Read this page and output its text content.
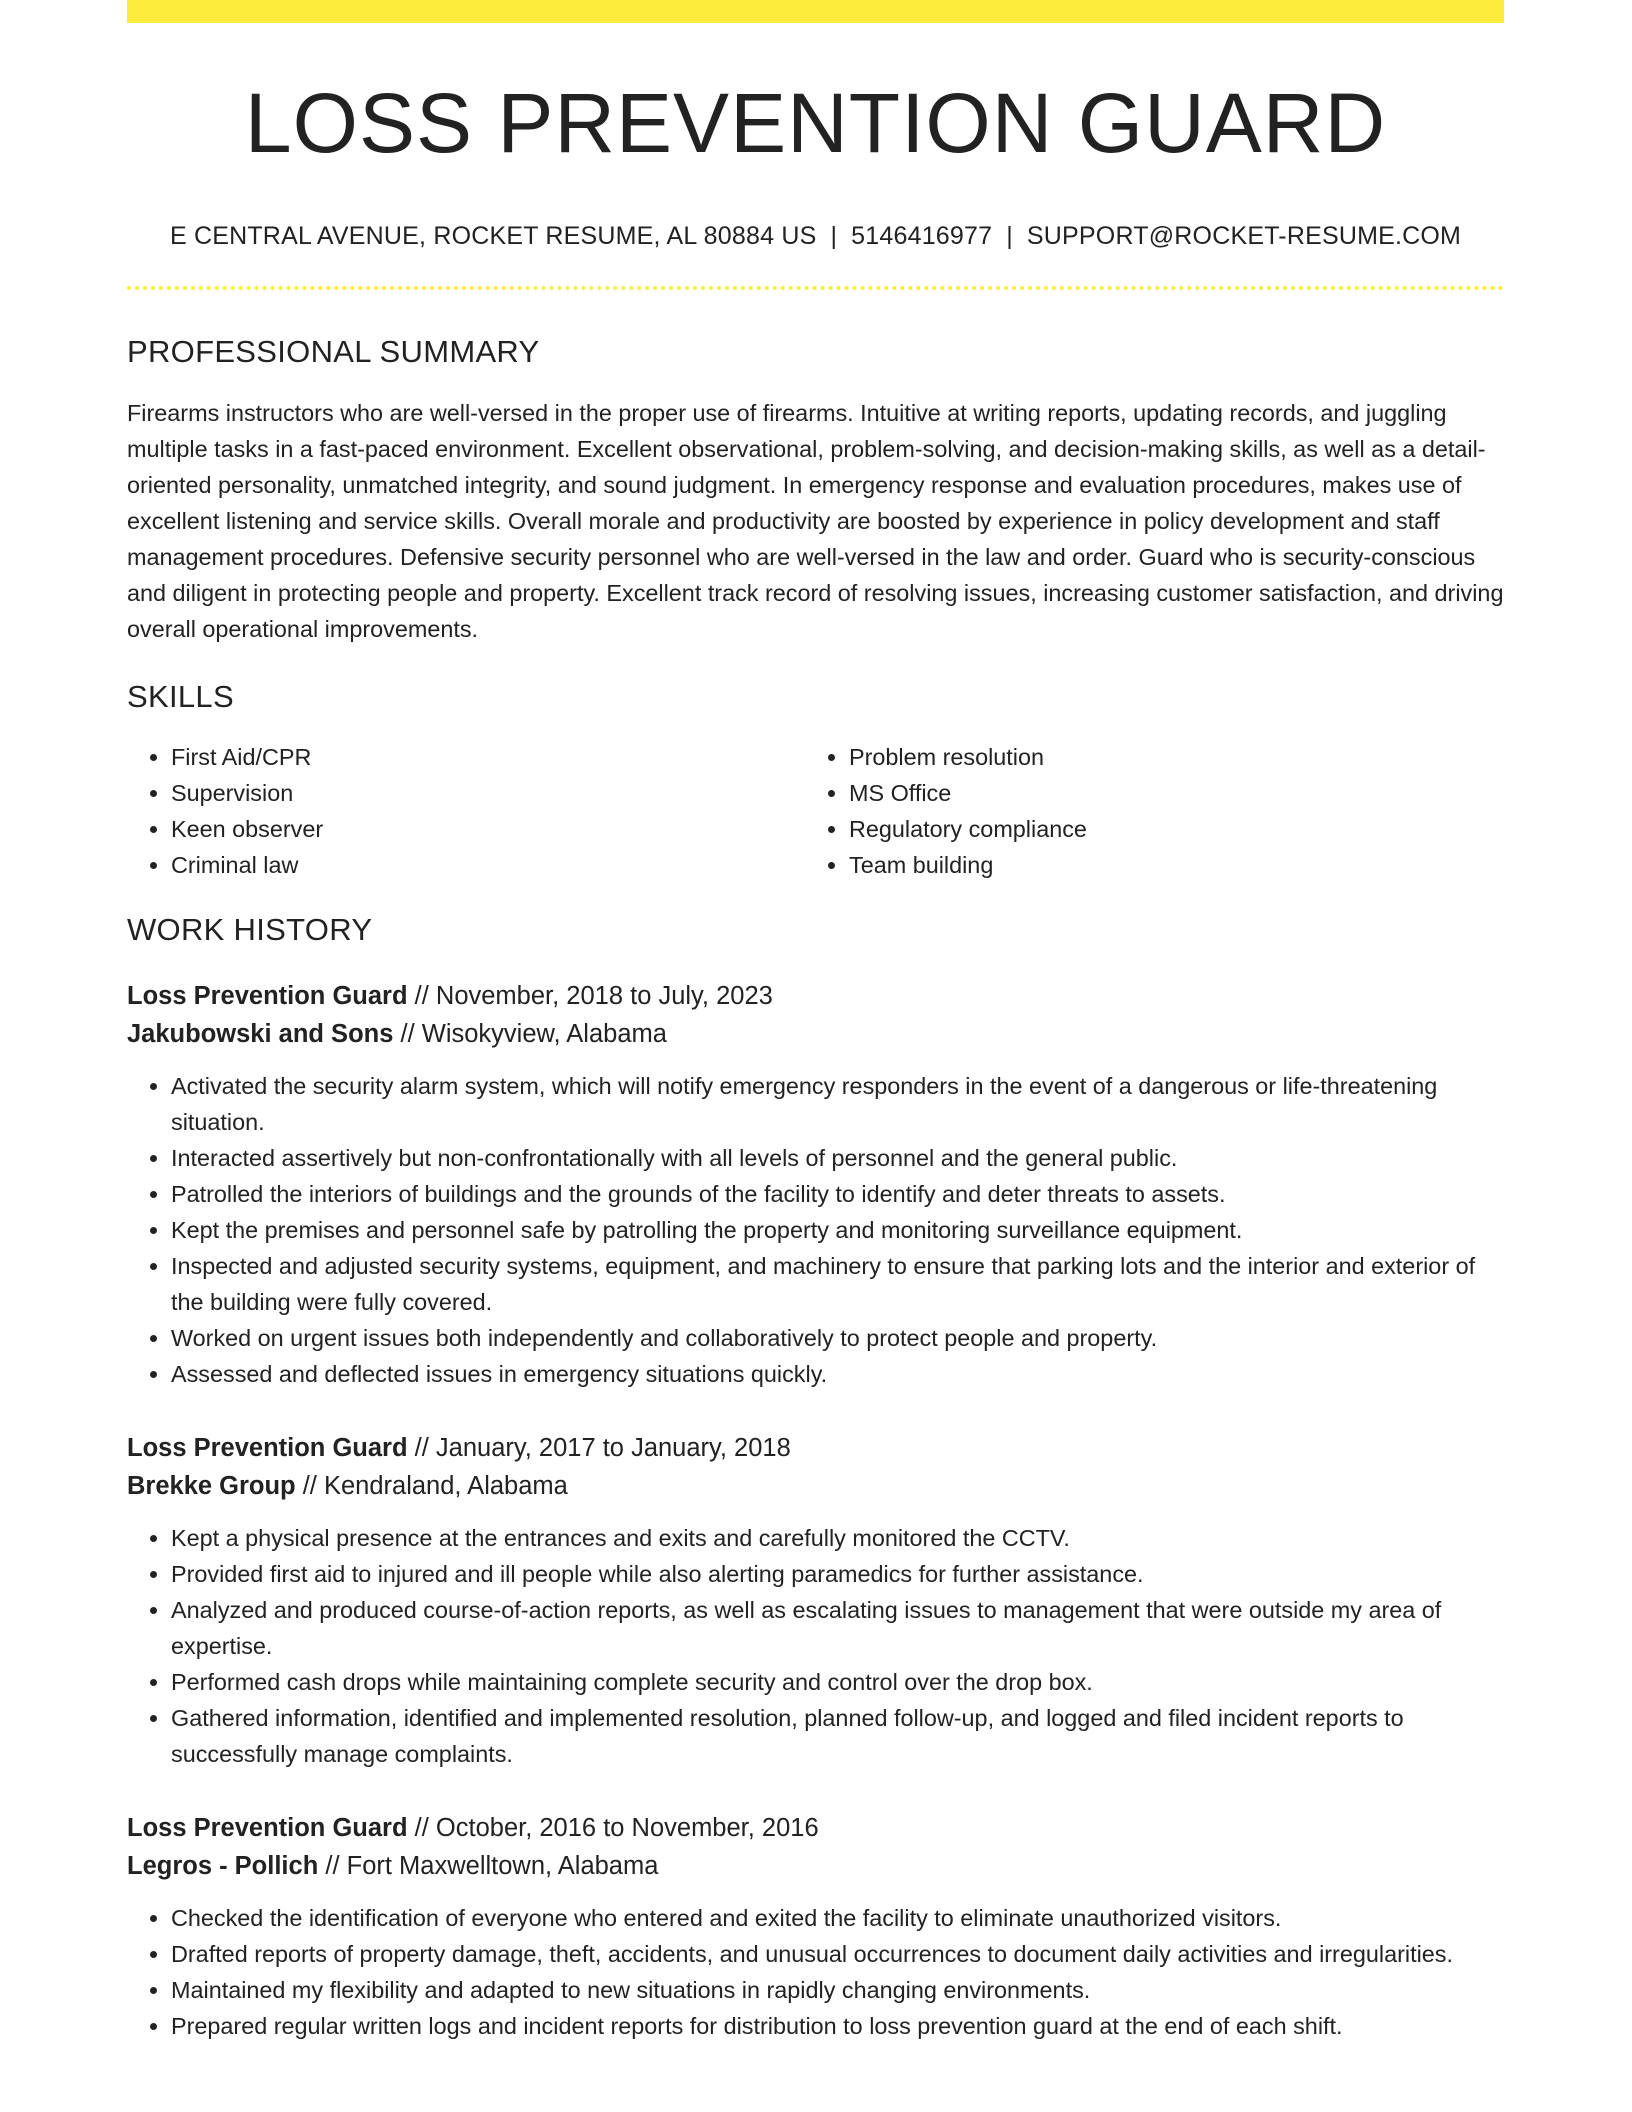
LOSS PREVENTION GUARD
E CENTRAL AVENUE, ROCKET RESUME, AL 80884 US | 5146416977 | SUPPORT@ROCKET-RESUME.COM
PROFESSIONAL SUMMARY
Firearms instructors who are well-versed in the proper use of firearms. Intuitive at writing reports, updating records, and juggling multiple tasks in a fast-paced environment. Excellent observational, problem-solving, and decision-making skills, as well as a detail-oriented personality, unmatched integrity, and sound judgment. In emergency response and evaluation procedures, makes use of excellent listening and service skills. Overall morale and productivity are boosted by experience in policy development and staff management procedures. Defensive security personnel who are well-versed in the law and order. Guard who is security-conscious and diligent in protecting people and property. Excellent track record of resolving issues, increasing customer satisfaction, and driving overall operational improvements.
SKILLS
• First Aid/CPR
• Supervision
• Keen observer
• Criminal law
• Problem resolution
• MS Office
• Regulatory compliance
• Team building
WORK HISTORY
Loss Prevention Guard // November, 2018 to July, 2023
Jakubowski and Sons // Wisokyview, Alabama
• Activated the security alarm system, which will notify emergency responders in the event of a dangerous or life-threatening situation.
• Interacted assertively but non-confrontationally with all levels of personnel and the general public.
• Patrolled the interiors of buildings and the grounds of the facility to identify and deter threats to assets.
• Kept the premises and personnel safe by patrolling the property and monitoring surveillance equipment.
• Inspected and adjusted security systems, equipment, and machinery to ensure that parking lots and the interior and exterior of the building were fully covered.
• Worked on urgent issues both independently and collaboratively to protect people and property.
• Assessed and deflected issues in emergency situations quickly.
Loss Prevention Guard // January, 2017 to January, 2018
Brekke Group // Kendraland, Alabama
• Kept a physical presence at the entrances and exits and carefully monitored the CCTV.
• Provided first aid to injured and ill people while also alerting paramedics for further assistance.
• Analyzed and produced course-of-action reports, as well as escalating issues to management that were outside my area of expertise.
• Performed cash drops while maintaining complete security and control over the drop box.
• Gathered information, identified and implemented resolution, planned follow-up, and logged and filed incident reports to successfully manage complaints.
Loss Prevention Guard // October, 2016 to November, 2016
Legros - Pollich // Fort Maxwelltown, Alabama
• Checked the identification of everyone who entered and exited the facility to eliminate unauthorized visitors.
• Drafted reports of property damage, theft, accidents, and unusual occurrences to document daily activities and irregularities.
• Maintained my flexibility and adapted to new situations in rapidly changing environments.
• Prepared regular written logs and incident reports for distribution to loss prevention guard at the end of each shift.
